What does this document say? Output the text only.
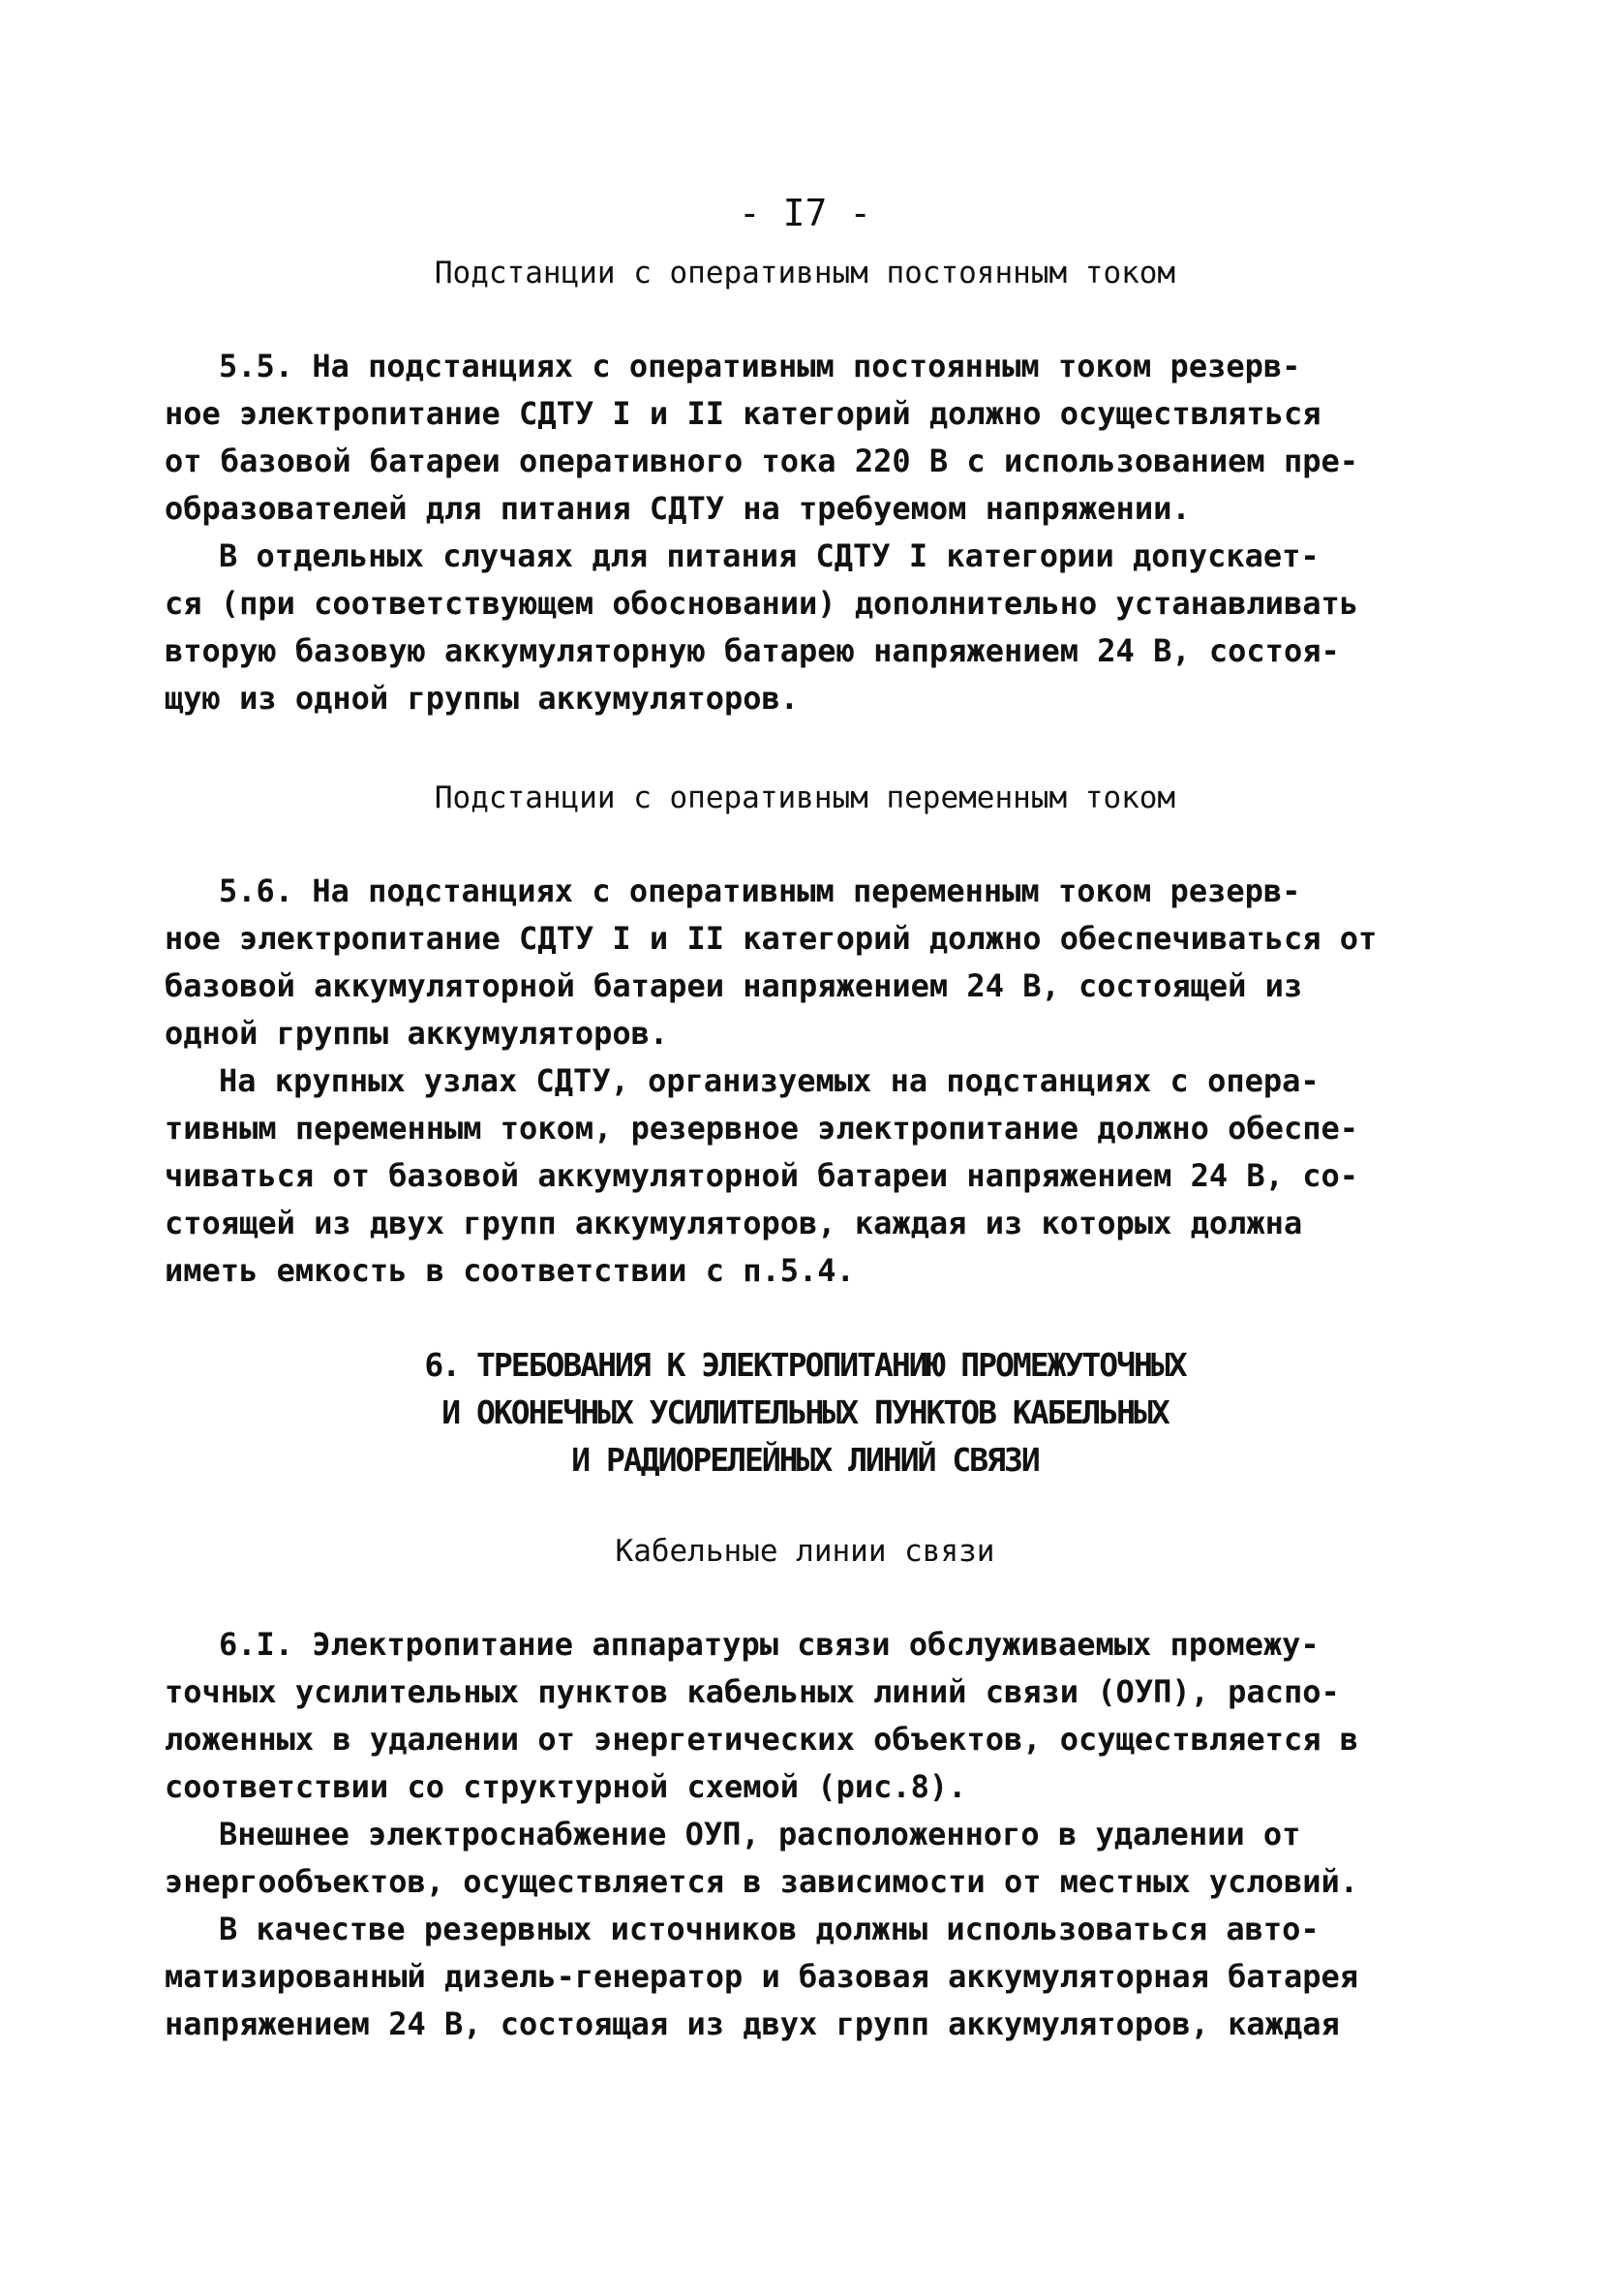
- I7 -
Подстанции с оперативным постоянным током
5.5. На подстанциях с оперативным постоянным током резерв-
ное электропитание СДТУ I и II категорий должно осуществляться
от базовой батареи оперативного тока 220 В с использованием пре-
образователей для питания СДТУ на требуемом напряжении.
В отдельных случаях для питания СДТУ I категории допускает-
ся (при соответствующем обосновании) дополнительно устанавливать
вторую базовую аккумуляторную батарею напряжением 24 В, состоя-
щую из одной группы аккумуляторов.
Подстанции с оперативным переменным током
5.6. На подстанциях с оперативным переменным током резерв-
ное электропитание СДТУ I и II категорий должно обеспечиваться от
базовой аккумуляторной батареи напряжением 24 В, состоящей из
одной группы аккумуляторов.
На крупных узлах СДТУ, организуемых на подстанциях с опера-
тивным переменным током, резервное электропитание должно обеспе-
чиваться от базовой аккумуляторной батареи напряжением 24 В, со-
стоящей из двух групп аккумуляторов, каждая из которых должна
иметь емкость в соответствии с п.5.4.
6. ТРЕБОВАНИЯ К ЭЛЕКТРОПИТАНИЮ ПРОМЕЖУТОЧНЫХ
И ОКОНЕЧНЫХ УСИЛИТЕЛЬНЫХ ПУНКТОВ КАБЕЛЬНЫХ
И РАДИОРЕЛЕЙНЫХ ЛИНИЙ СВЯЗИ
Кабельные линии связи
6.I. Электропитание аппаратуры связи обслуживаемых промежу-
точных усилительных пунктов кабельных линий связи (ОУП), распо-
ложенных в удалении от энергетических объектов, осуществляется в
соответствии со структурной схемой (рис.8).
Внешнее электроснабжение ОУП, расположенного в удалении от
энергообъектов, осуществляется в зависимости от местных условий.
В качестве резервных источников должны использоваться авто-
матизированный дизель-генератор и базовая аккумуляторная батарея
напряжением 24 В, состоящая из двух групп аккумуляторов, каждая
